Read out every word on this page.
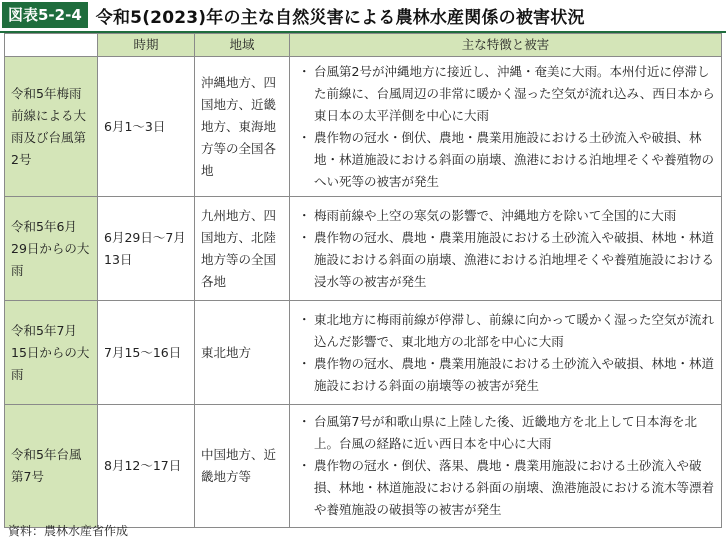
図表5-2-4 令和5(2023)年の主な自然災害による農林水産関係の被害状況
	時期	地域	主な特徴と被害
令和5年梅雨前線による大雨及び台風第2号	6月1～3日	沖縄地方、四国地方、近畿地方、東海地方等の全国各地	・ 台風第2号が沖縄地方に接近し、沖縄・奄美に大雨。本州付近に停滞した前線に、台風周辺の非常に暖かく湿った空気が流れ込み、西日本から東日本の太平洋側を中心に大雨
・ 農作物の冠水・倒伏、農地・農業用施設における土砂流入や破損、林地・林道施設における斜面の崩壊、漁港における泊地埋そくや養殖物のへい死等の被害が発生

令和5年6月29日からの大雨	6月29日～7月13日	九州地方、四国地方、北陸地方等の全国各地	・ 梅雨前線や上空の寒気の影響で、沖縄地方を除いて全国的に大雨
・ 農作物の冠水、農地・農業用施設における土砂流入や破損、林地・林道施設における斜面の崩壊、漁港における泊地埋そくや養殖施設における浸水等の被害が発生

令和5年7月15日からの大雨	7月15～16日	東北地方	・ 東北地方に梅雨前線が停滞し、前線に向かって暖かく湿った空気が流れ込んだ影響で、東北地方の北部を中心に大雨
・ 農作物の冠水、農地・農業用施設における土砂流入や破損、林地・林道施設における斜面の崩壊等の被害が発生

令和5年台風第7号	8月12～17日	中国地方、近畿地方等	・ 台風第7号が和歌山県に上陸した後、近畿地方を北上して日本海を北上。台風の経路に近い西日本を中心に大雨
・ 農作物の冠水・倒伏、落果、農地・農業用施設における土砂流入や破損、林地・林道施設における斜面の崩壊、漁港施設における流木等漂着や養殖施設の破損等の被害が発生
資料：農林水産省作成
